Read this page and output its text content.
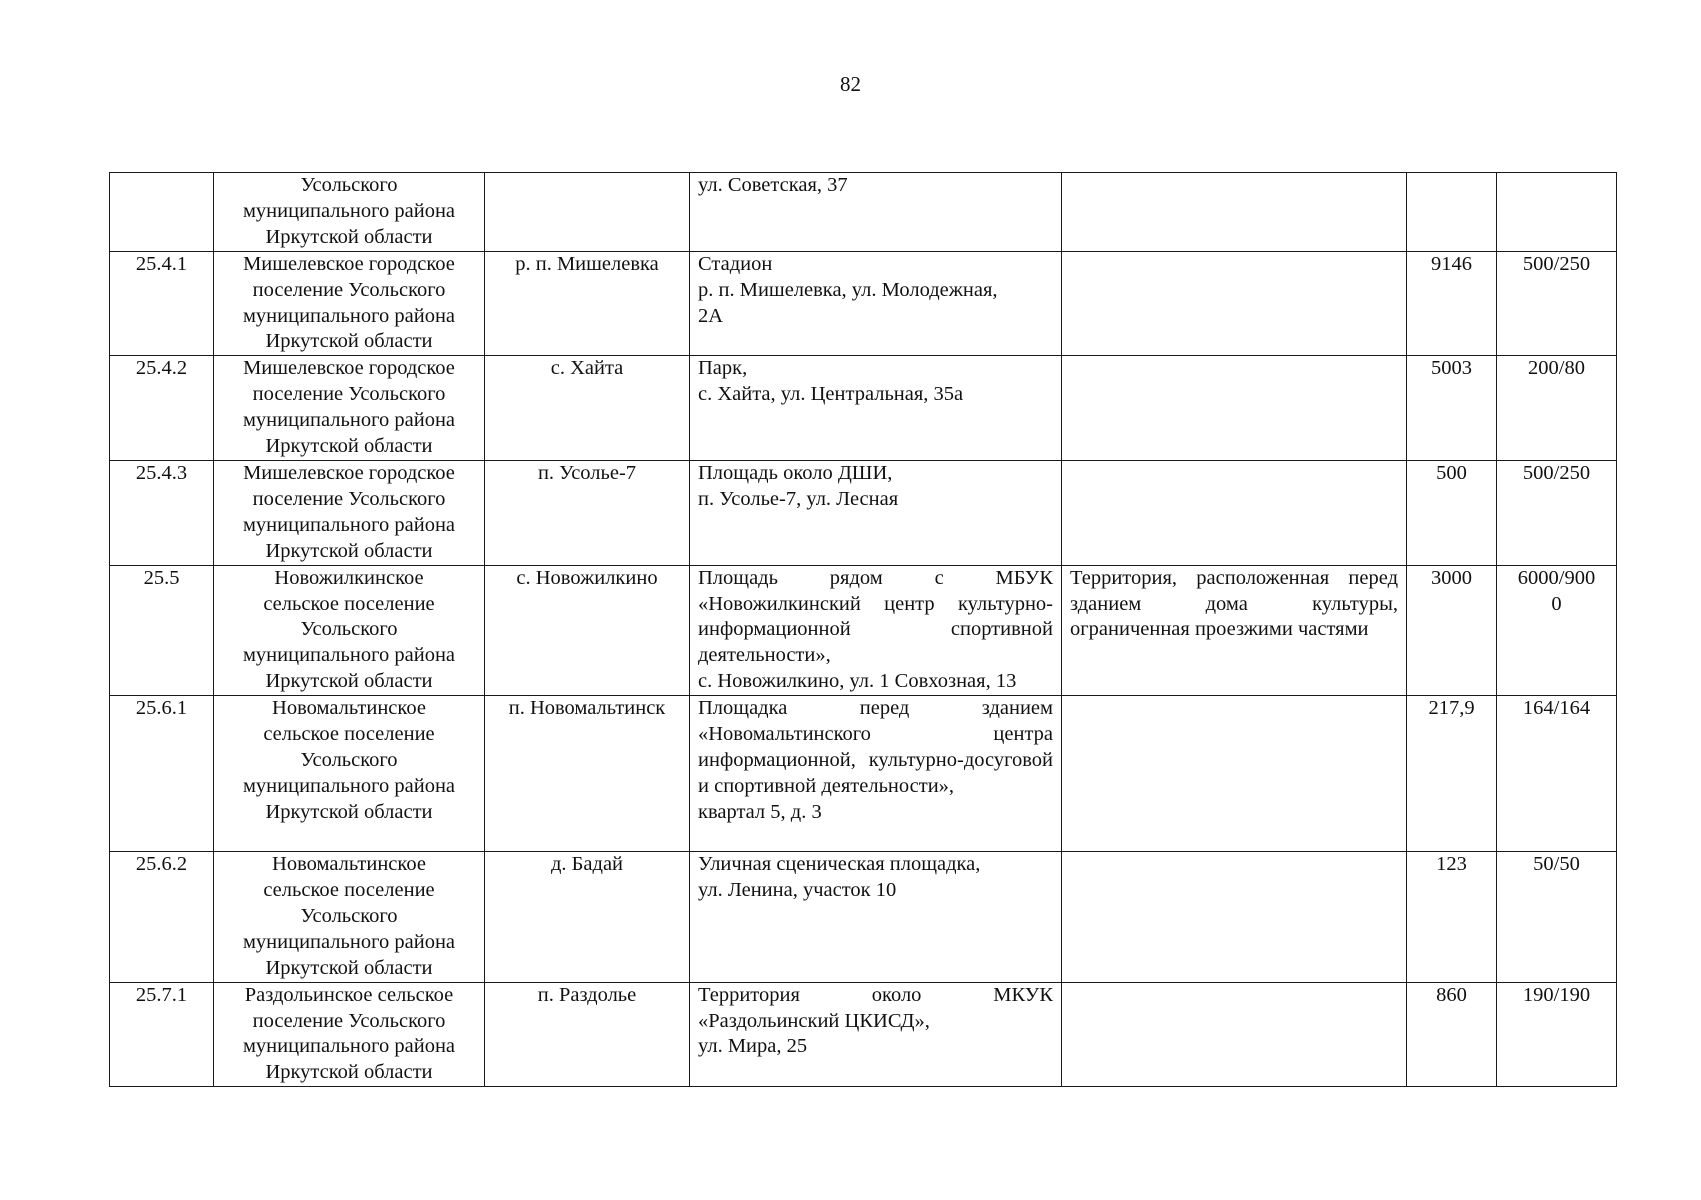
82

	Усольского
муниципального района
Иркутской области		ул. Советская, 37			

25.4.1	Мишелевское городское
поселение Усольского
муниципального района
Иркутской области	р. п. Мишелевка	Стадион
р. п. Мишелевка, ул. Молодежная,
2А		9146	500/250

25.4.2	Мишелевское городское
поселение Усольского
муниципального района
Иркутской области	с. Хайта	Парк,
с. Хайта, ул. Центральная, 35а		5003	200/80

25.4.3	Мишелевское городское
поселение Усольского
муниципального района
Иркутской области	п. Усолье-7	Площадь около ДШИ,
п. Усолье-7, ул. Лесная		500	500/250

25.5	Новожилкинское
сельское поселение
Усольского
муниципального района
Иркутской области	с. Новожилкино	Площадь рядом с МБУК «Новожилкинский центр культурно-информационной спортивной деятельности»,
с. Новожилкино, ул. 1 Совхозная, 13	Территория, расположенная перед зданием дома культуры, ограниченная проезжими частями	3000	6000/900
0

25.6.1	Новомальтинское
сельское поселение
Усольского
муниципального района
Иркутской области	п. Новомальтинск	Площадка перед зданием «Новомальтинского центра информационной, культурно-досуговой и спортивной деятельности»,
квартал 5, д. 3		217,9	164/164

25.6.2	Новомальтинское
сельское поселение
Усольского
муниципального района
Иркутской области	д. Бадай	Уличная сценическая площадка,
ул. Ленина, участок 10		123	50/50

25.7.1	Раздольинское сельское
поселение Усольского
муниципального района
Иркутской области	п. Раздолье	Территория около МКУК «Раздольинский ЦКИСД»,
ул. Мира, 25		860	190/190
